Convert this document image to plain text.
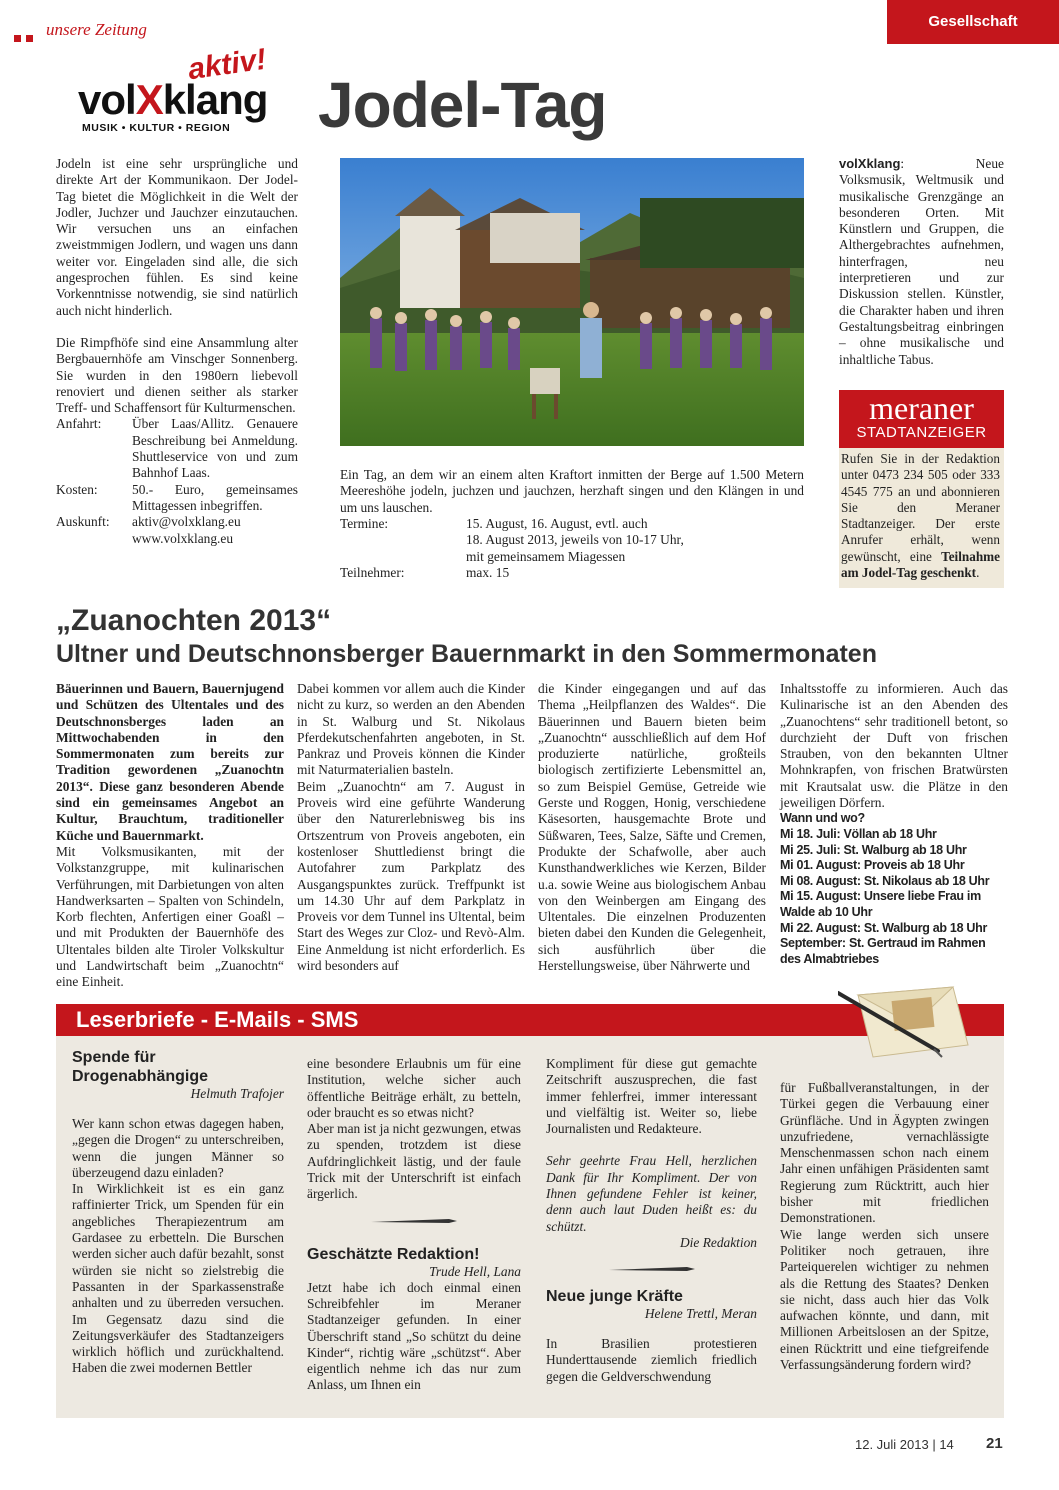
unsere Zeitung	Gesellschaft
aktiv!
volXklang
MUSIK • KULTUR • REGION Jodel-Tag

Jodeln ist eine sehr ursprüngliche und direkte Art der Kommunikaon. Der Jodel-Tag bietet die Möglichkeit in die Welt der Jodler, Juchzer und Jauchzer einzutauchen. Wir versuchen uns an einfachen zweistmmigen Jodlern, und wagen uns dann weiter vor. Eingeladen sind alle, die sich angesprochen fühlen. Es sind keine Vorkenntnisse notwendig, sie sind natürlich auch nicht hinderlich.

Die Rimpfhöfe sind eine Ansammlung alter Bergbauernhöfe am Vinschger Sonnenberg. Sie wurden in den 1980ern liebevoll renoviert und dienen seither als starker Treff- und Schaffensort für Kulturmenschen.

Anfahrt:	Über Laas/Allitz. Genauere Beschreibung bei Anmeldung. Shuttleservice von und zum Bahnhof Laas.
Kosten:	50.- Euro, gemeinsames Mittagessen inbegriffen.
Auskunft:	aktiv@volxklang.eu www.volxklang.eu

Ein Tag, an dem wir an einem alten Kraftort inmitten der Berge auf 1.500 Metern Meereshöhe jodeln, juchzen und jauchzen, herzhaft singen und den Klängen in und um uns lauschen.

Termine:	15. August, 16. August, evtl. auch
18. August 2013, jeweils von 10-17 Uhr,
mit gemeinsamem Miagessen
Teilnehmer:	max. 15

volXklang: Neue Volksmusik, Weltmusik und musikalische Grenzgänge an besonderen Orten. Mit Künstlern und Gruppen, die Althergebrachtes aufnehmen, hinterfragen, neu interpretieren und zur Diskussion stellen. Künstler, die Charakter haben und ihren Gestaltungsbeitrag einbringen – ohne musikalische und inhaltliche Tabus.

meraner
STADTANZEIGER

Rufen Sie in der Redaktion unter 0473 234 505 oder 333 4545 775 an und abonnieren Sie den Meraner Stadtanzeiger. Der erste Anrufer erhält, wenn gewünscht, eine Teilnahme am Jodel-Tag geschenkt.

„Zuanochten 2013“
Ultner und Deutschnonsberger Bauernmarkt in den Sommermonaten

Bäuerinnen und Bauern, Bauernjugend und Schützen des Ultentales und des Deutschnonsberges laden an Mittwochabenden in den Sommermonaten zum bereits zur Tradition gewordenen „Zuanochtn 2013“. Diese ganz besonderen Abende sind ein gemeinsames Angebot an Kultur, Brauchtum, traditioneller Küche und Bauernmarkt.

Mit Volksmusikanten, mit der Volkstanzgruppe, mit kulinarischen Verführungen, mit Darbietungen von alten Handwerksarten – Spalten von Schindeln, Korb flechten, Anfertigen einer Goaßl – und mit Produkten der Bauernhöfe des Ultentales bilden alte Tiroler Volkskultur und Landwirtschaft beim „Zuanochtn“ eine Einheit.

Dabei kommen vor allem auch die Kinder nicht zu kurz, so werden an den Abenden in St. Walburg und St. Nikolaus Pferdekutschenfahrten angeboten, in St. Pankraz und Proveis können die Kinder mit Naturmaterialien basteln.

Beim „Zuanochtn“ am 7. August in Proveis wird eine geführte Wanderung über den Naturerlebnisweg bis ins Ortszentrum von Proveis angeboten, ein kostenloser Shuttledienst bringt die Autofahrer zum Parkplatz des Ausgangspunktes zurück. Treffpunkt ist um 14.30 Uhr auf dem Parkplatz in Proveis vor dem Tunnel ins Ultental, beim Start des Weges zur Cloz- und Revò-Alm. Eine Anmeldung ist nicht erforderlich. Es wird besonders auf

die Kinder eingegangen und auf das Thema „Heilpflanzen des Waldes“. Die Bäuerinnen und Bauern bieten beim „Zuanochtn“ ausschließlich auf dem Hof produzierte natürliche, großteils biologisch zertifizierte Lebensmittel an, so zum Beispiel Gemüse, Getreide wie Gerste und Roggen, Honig, verschiedene Käsesorten, hausgemachte Brote und Süßwaren, Tees, Salze, Säfte und Cremen, Produkte der Schafwolle, aber auch Kunsthandwerkliches wie Kerzen, Bilder u.a. sowie Weine aus biologischem Anbau von den Weinbergen am Eingang des Ultentales. Die einzelnen Produzenten bieten dabei den Kunden die Gelegenheit, sich ausführlich über die Herstellungsweise, über Nährwerte und

Inhaltsstoffe zu informieren. Auch das Kulinarische ist an den Abenden des „Zuanochtens“ sehr traditionell betont, so durchzieht der Duft von frischen Strauben, von den bekannten Ultner Mohnkrapfen, von frischen Bratwürsten mit Krautsalat usw. die Plätze in den jeweiligen Dörfern.

Wann und wo?
Mi 18. Juli: Völlan ab 18 Uhr
Mi 25. Juli: St. Walburg ab 18 Uhr
Mi 01. August: Proveis ab 18 Uhr
Mi 08. August: St. Nikolaus ab 18 Uhr
Mi 15. August: Unsere liebe Frau im Walde ab 10 Uhr
Mi 22. August: St. Walburg ab 18 Uhr
September: St. Gertraud im Rahmen des Almabtriebes
Leserbriefe - E-Mails - SMS
Spende für Drogenabhängige
Helmuth Trafojer

Wer kann schon etwas dagegen haben, „gegen die Drogen“ zu unterschreiben, wenn die jungen Männer so überzeugend dazu einladen?

In Wirklichkeit ist es ein ganz raffinierter Trick, um Spenden für ein angebliches Therapiezentrum am Gardasee zu erbetteln. Die Burschen werden sicher auch dafür bezahlt, sonst würden sie nicht so zielstrebig die Passanten in der Sparkassenstraße anhalten und zu überreden versuchen. Im Gegensatz dazu sind die Zeitungsverkäufer des Stadtanzeigers wirklich höflich und zurückhaltend. Haben die zwei modernen Bettler

eine besondere Erlaubnis um für eine Institution, welche sicher auch öffentliche Beiträge erhält, zu betteln, oder braucht es so etwas nicht?

Aber man ist ja nicht gezwungen, etwas zu spenden, trotzdem ist diese Aufdringlichkeit lästig, und der faule Trick mit der Unterschrift ist einfach ärgerlich.

Geschätzte Redaktion!
Trude Hell, Lana

Jetzt habe ich doch einmal einen Schreibfehler im Meraner Stadtanzeiger gefunden. In einer Überschrift stand „So schützt du deine Kinder“, richtig wäre „schützst“. Aber eigentlich nehme ich das nur zum Anlass, um Ihnen ein

Kompliment für diese gut gemachte Zeitschrift auszusprechen, die fast immer fehlerfrei, immer interessant und vielfältig ist. Weiter so, liebe Journalisten und Redakteure.

Sehr geehrte Frau Hell, herzlichen Dank für Ihr Kompliment. Der von Ihnen gefundene Fehler ist keiner, denn auch laut Duden heißt es: du schützt.

Die Redaktion
Neue junge Kräfte
Helene Trettl, Meran

In Brasilien protestieren Hunderttausende ziemlich friedlich gegen die Geldverschwendung

für Fußballveranstaltungen, in der Türkei gegen die Verbauung einer Grünfläche. Und in Ägypten zwingen unzufriedene, vernachlässigte Menschenmassen schon nach einem Jahr einen unfähigen Präsidenten samt Regierung zum Rücktritt, auch hier bisher mit friedlichen Demonstrationen.

Wie lange werden sich unsere Politiker noch getrauen, ihre Parteiquerelen wichtiger zu nehmen als die Rettung des Staates? Denken sie nicht, dass auch hier das Volk aufwachen könnte, und dann, mit Millionen Arbeitslosen an der Spitze, einen Rücktritt und eine tiefgreifende Verfassungsänderung fordern wird?

12. Juli 2013 | 14 21
